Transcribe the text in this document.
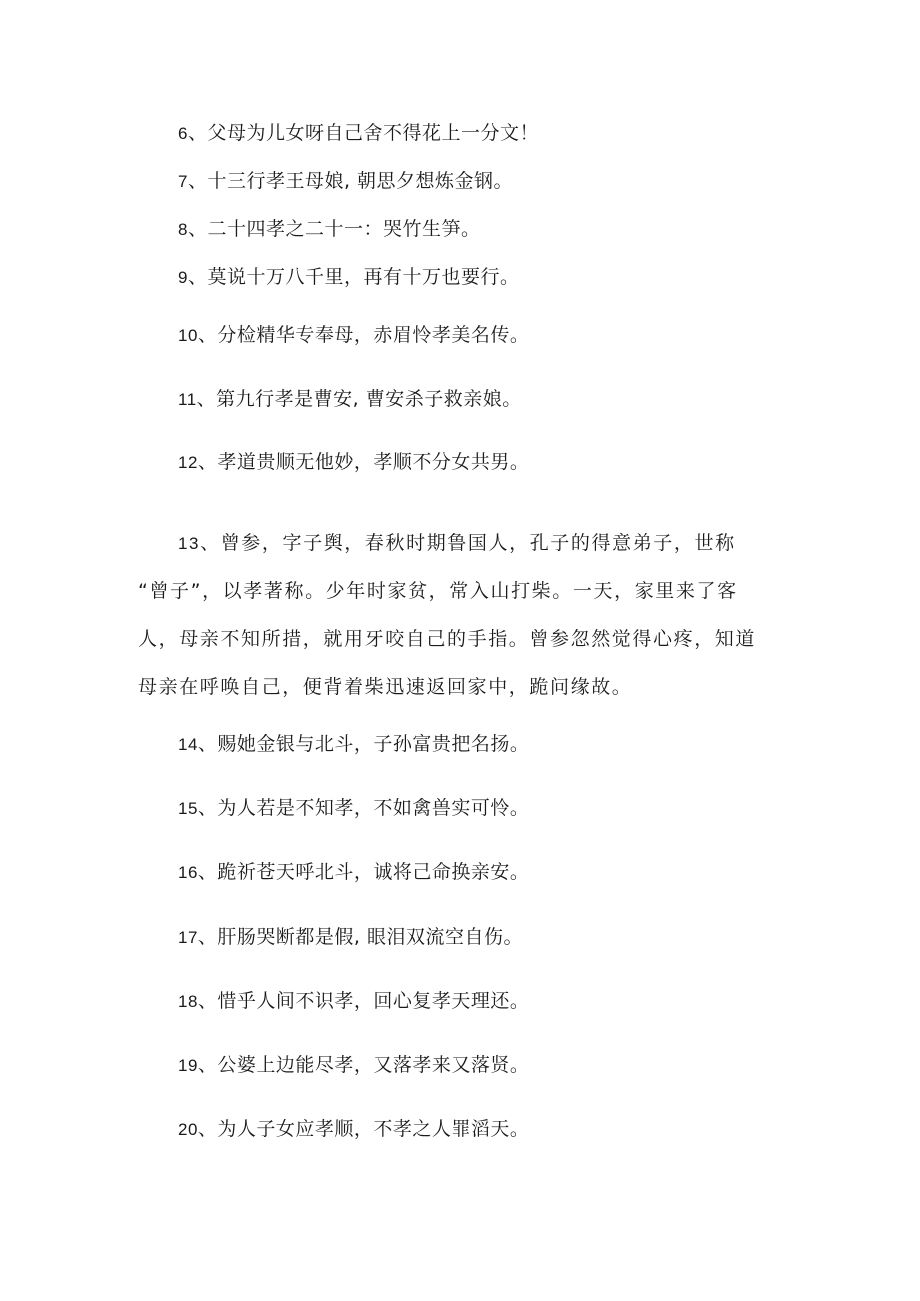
6、父母为儿女呀自己舍不得花上一分文！
7、十三行孝王母娘, 朝思夕想炼金钢。
8、二十四孝之二十一：哭竹生笋。
9、莫说十万八千里，再有十万也要行。
10、分检精华专奉母，赤眉怜孝美名传。
11、第九行孝是曹安, 曹安杀子救亲娘。
12、孝道贵顺无他妙，孝顺不分女共男。
13、曾参，字子舆，春秋时期鲁国人，孔子的得意弟子，世称
“曾子”，以孝著称。少年时家贫，常入山打柴。一天，家里来了客
人，母亲不知所措，就用牙咬自己的手指。曾参忽然觉得心疼，知道
母亲在呼唤自己，便背着柴迅速返回家中，跪问缘故。
14、赐她金银与北斗，子孙富贵把名扬。
15、为人若是不知孝，不如禽兽实可怜。
16、跪祈苍天呼北斗，诚将己命换亲安。
17、肝肠哭断都是假, 眼泪双流空自伤。
18、惜乎人间不识孝，回心复孝天理还。
19、公婆上边能尽孝，又落孝来又落贤。
20、为人子女应孝顺，不孝之人罪滔天。
